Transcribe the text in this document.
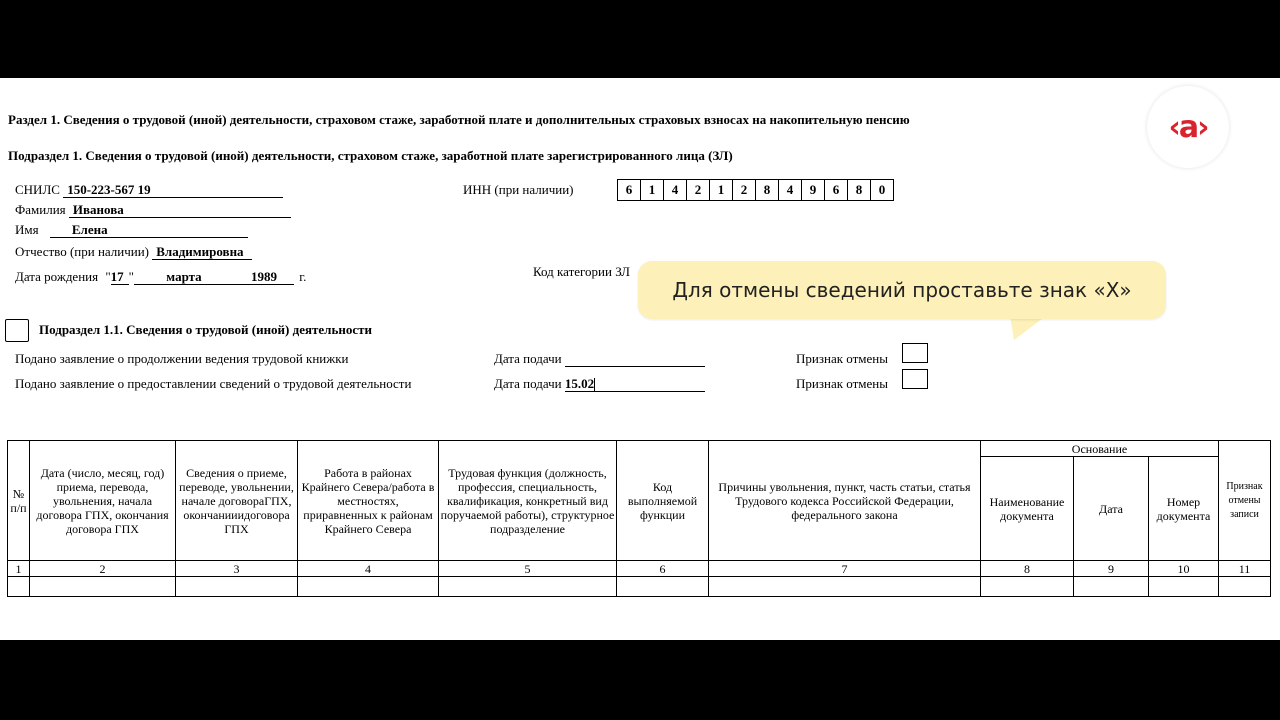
Раздел 1. Сведения о трудовой (иной) деятельности, страховом стаже, заработной плате и дополнительных страховых взносах на накопительную пенсию
Подраздел 1. Сведения о трудовой (иной) деятельности, страховом стаже, заработной плате зарегистрированного лица (ЗЛ)
‹a›
СНИЛС 150-223-567 19
Фамилия Иванова
Имя	Елена
Отчество (при наличии) Владимировна
Дата рождения "17 " марта	1989 г.
ИНН (при наличии)	6	1	4	2	1	2	8	4	9	6	8	0
Код категории ЗЛ
Подраздел 1.1. Сведения о трудовой (иной) деятельности
Подано заявление о продолжении ведения трудовой книжки	Дата подачи	Признак отмены
Подано заявление о предоставлении сведений о трудовой деятельности	Дата подачи 15.02	Признак отмены
Для отмены сведений проставьте знак «Х»
№ п/п	Дата (число, месяц, год) приема, перевода, увольнения, начала договора ГПХ, окончания договора ГПХ	Сведения о приеме, переводе, увольнении, начале договораГПХ, окончанииидоговора ГПХ	Работа в районах Крайнего Севера/работа в местностях, приравненных к районам Крайнего Севера	Трудовая функция (должность, профессия, специальность, квалификация, конкретный вид поручаемой работы), структурное подразделение	Код выполняемой функции	Причины увольнения, пункт, часть статьи, статья Трудового кодекса Российской Федерации, федерального закона	Основание			Признак отмены записи
							Наименование документа	Дата	Номер документа	
1	2	3	4	5	6	7	8	9	10	11
